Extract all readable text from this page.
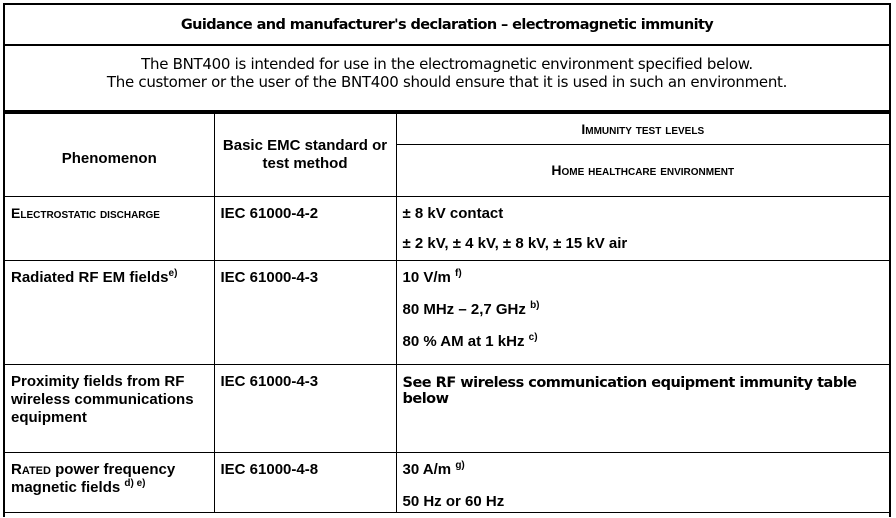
Guidance and manufacturer's declaration – electromagnetic immunity
The BNT400 is intended for use in the electromagnetic environment specified below.
The customer or the user of the BNT400 should ensure that it is used in such an environment.
Phenomenon	Basic EMC standard or test method	Immunity test levels
		Home healthcare environment
Electrostatic discharge	IEC 61000-4-2	± 8 kV contact
± 2 kV, ± 4 kV, ± 8 kV, ± 15 kV air

Radiated RF EM fields$^{e)}$	IEC 61000-4-3	10 V/m $^{f)}$
80 MHz – 2,7 GHz $^{b)}$
80 % AM at 1 kHz $^{c)}$

Proximity fields from RF wireless communications equipment	IEC 61000-4-3	See RF wireless communication equipment immunity table below
Rated power frequency magnetic fields $^{d) e)}$	IEC 61000-4-8	30 A/m $^{g)}$
50 Hz or 60 Hz
